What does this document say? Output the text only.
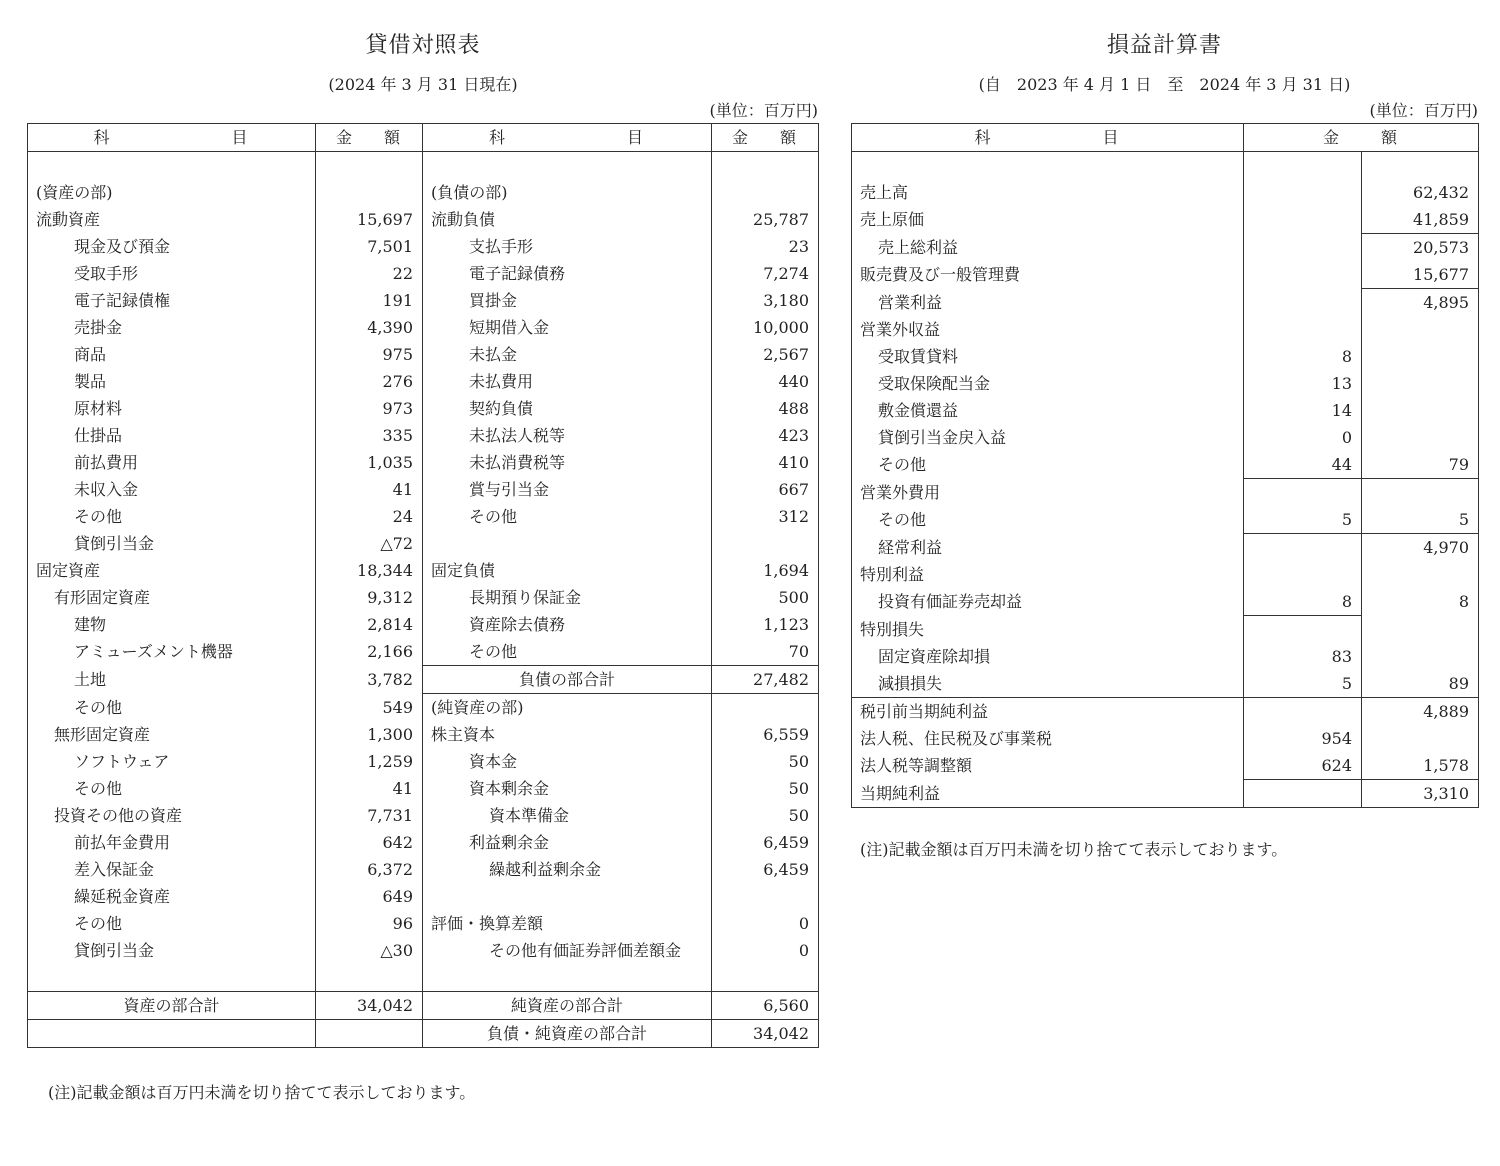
貸借対照表
(2024 年 3 月 31 日現在)
(単位：百万円)
科 目	金 額	科 目	金 額

(資産の部)		(負債の部)	
流動資産	15,697	流動負債	25,787
現金及び預金	7,501	支払手形	23
受取手形	22	電子記録債務	7,274
電子記録債権	191	買掛金	3,180
売掛金	4,390	短期借入金	10,000
商品	975	未払金	2,567
製品	276	未払費用	440
原材料	973	契約負債	488
仕掛品	335	未払法人税等	423
前払費用	1,035	未払消費税等	410
未収入金	41	賞与引当金	667
その他	24	その他	312
貸倒引当金	△72		
固定資産	18,344	固定負債	1,694
有形固定資産	9,312	長期預り保証金	500
建物	2,814	資産除去債務	1,123
アミューズメント機器	2,166	その他	70
土地	3,782	負債の部合計	27,482
その他	549	(純資産の部)	
無形固定資産	1,300	株主資本	6,559
ソフトウェア	1,259	資本金	50
その他	41	資本剰余金	50
投資その他の資産	7,731	資本準備金	50
前払年金費用	642	利益剰余金	6,459
差入保証金	6,372	繰越利益剰余金	6,459
繰延税金資産	649		
その他	96	評価・換算差額	0
貸倒引当金	△30	その他有価証券評価差額金	0

資産の部合計	34,042	純資産の部合計	6,560
		負債・純資産の部合計	34,042
(注)記載金額は百万円未満を切り捨てて表示しております。
損益計算書
(自　2023 年 4 月 1 日　至　2024 年 3 月 31 日)
(単位：百万円)
科 目	金 額	

売上高		62,432
売上原価		41,859
売上総利益		20,573
販売費及び一般管理費		15,677
営業利益		4,895
営業外収益		
受取賃貸料	8	
受取保険配当金	13	
敷金償還益	14	
貸倒引当金戻入益	0	
その他	44	79
営業外費用		
その他	5	5
経常利益		4,970
特別利益		
投資有価証券売却益	8	8
特別損失		
固定資産除却損	83	
減損損失	5	89
税引前当期純利益		4,889
法人税、住民税及び事業税	954	
法人税等調整額	624	1,578
当期純利益		3,310
(注)記載金額は百万円未満を切り捨てて表示しております。
